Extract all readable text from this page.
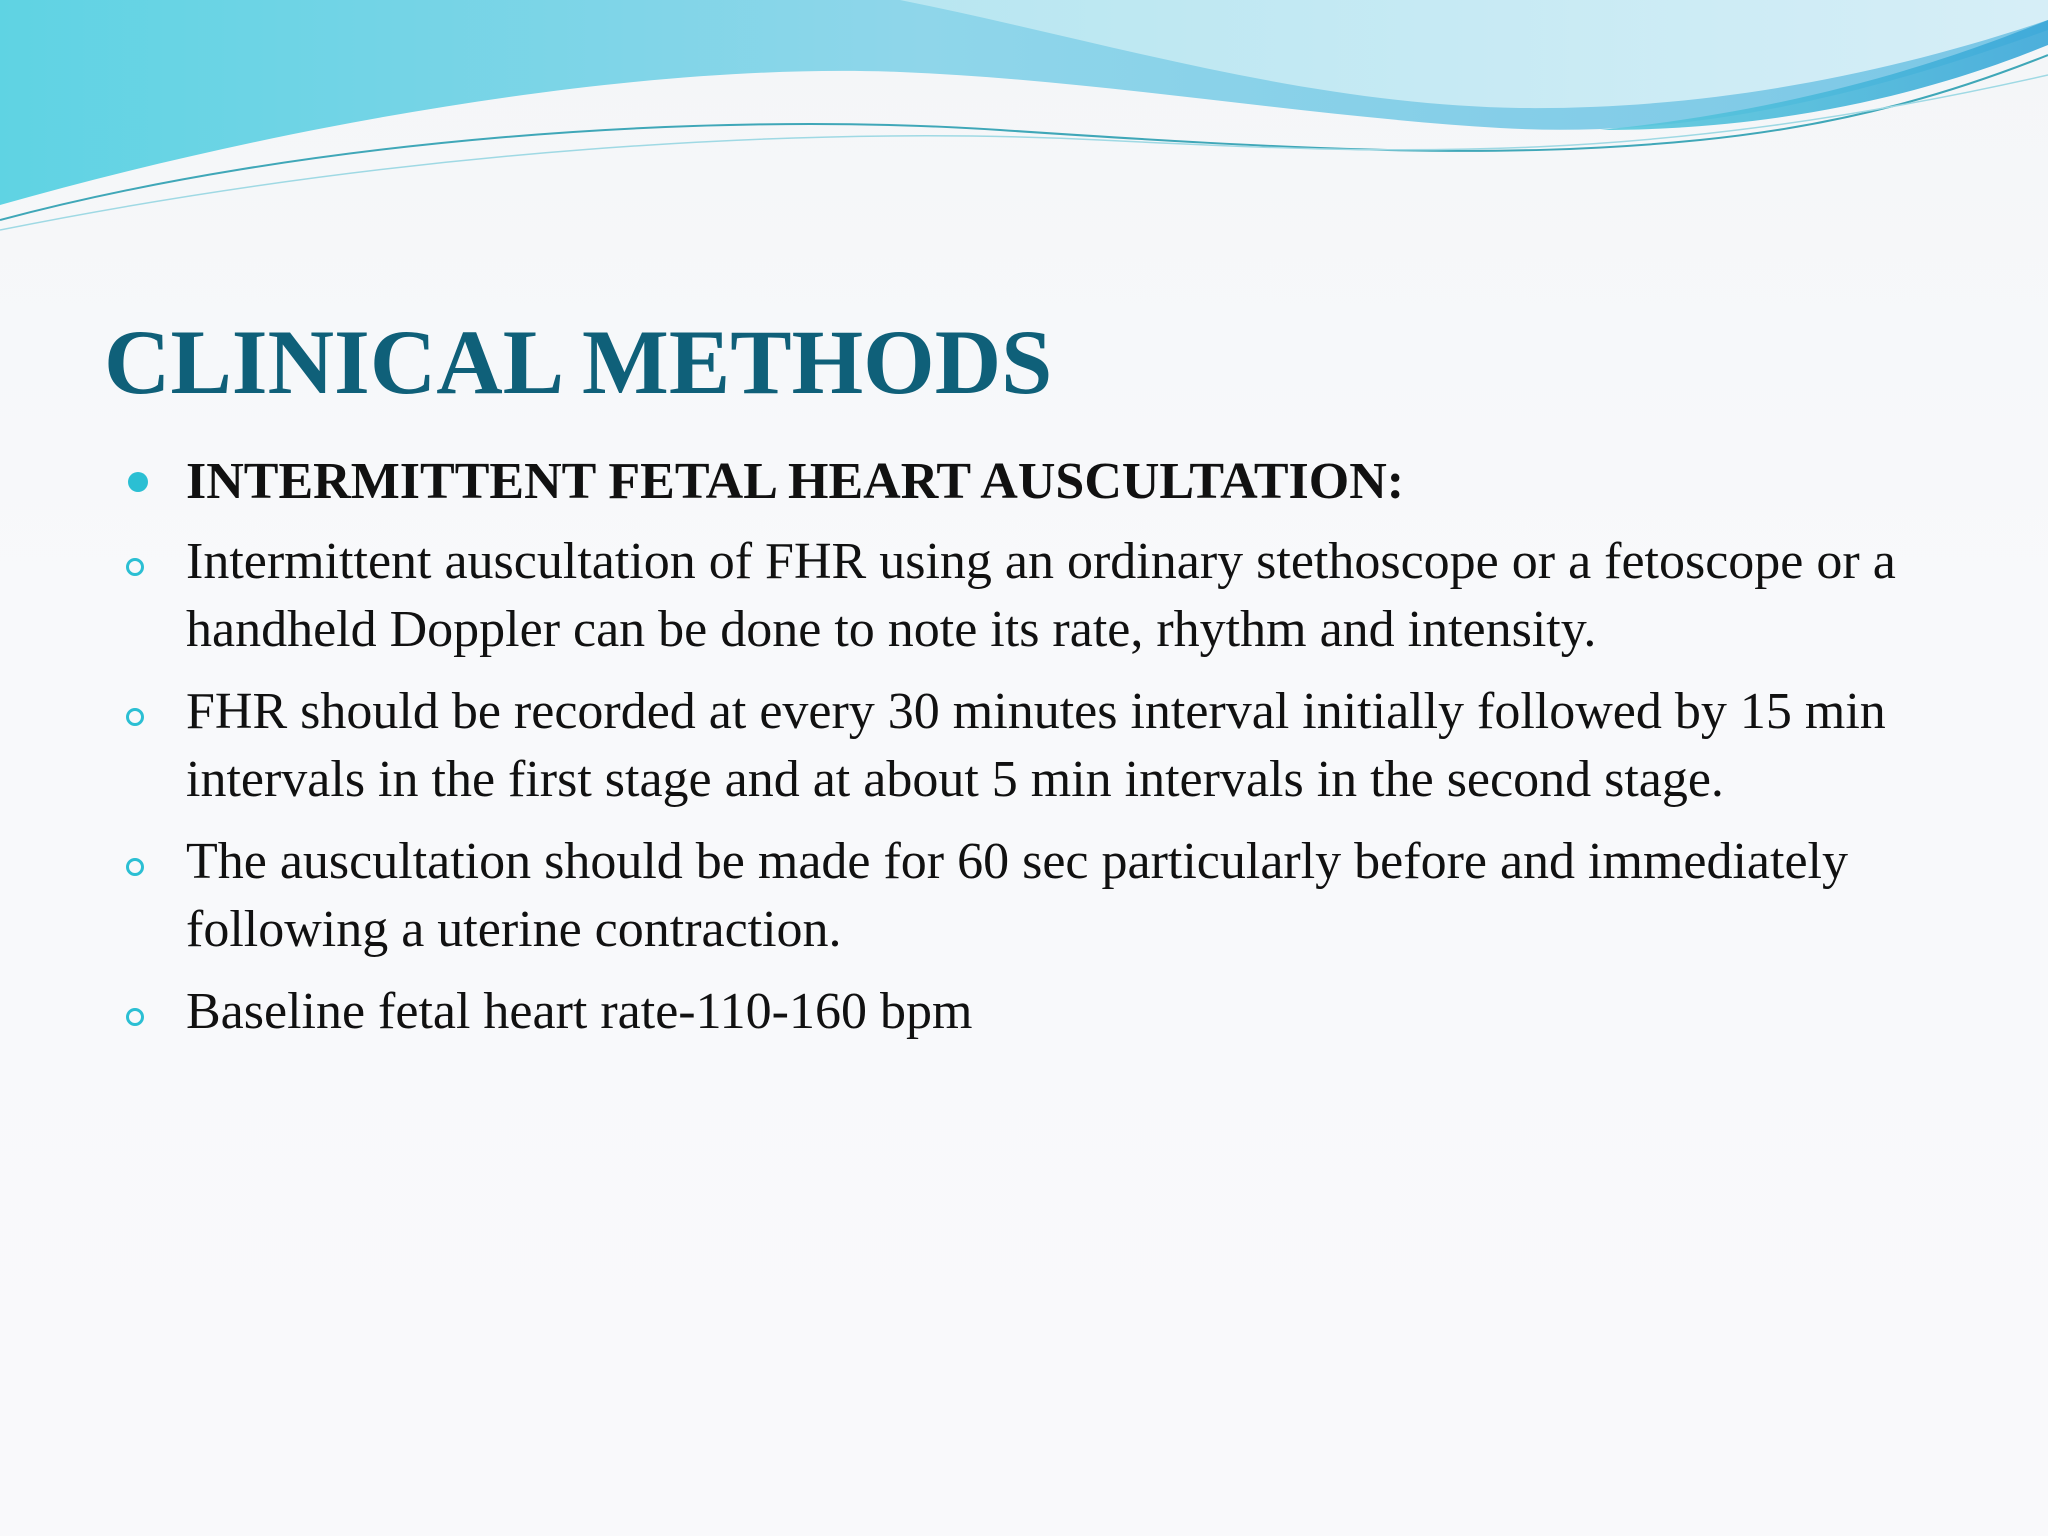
CLINICAL METHODS
INTERMITTENT FETAL HEART AUSCULTATION:
Intermittent auscultation of FHR using an ordinary stethoscope or a fetoscope or a handheld Doppler can be done to note its rate, rhythm and intensity.
FHR should be recorded at every 30 minutes interval initially followed by 15 min intervals in the first stage and at about 5 min intervals in the second stage.
The auscultation should be made for 60 sec particularly before and immediately following a uterine contraction.
Baseline fetal heart rate-110-160 bpm
